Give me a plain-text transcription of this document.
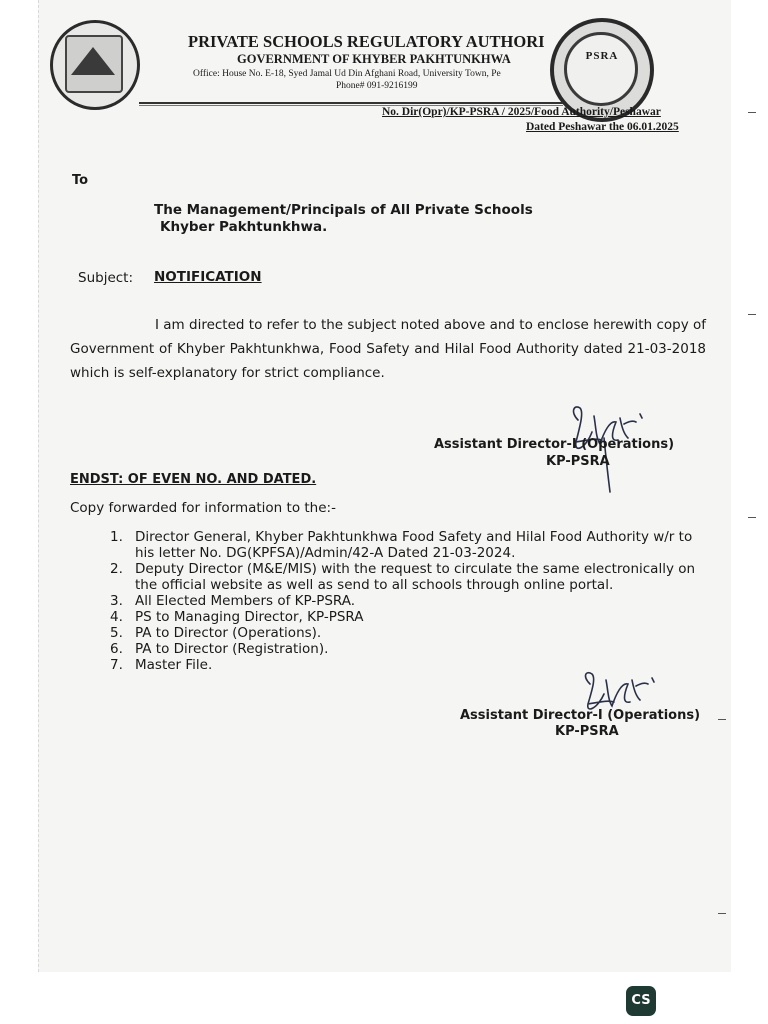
PSRA
PRIVATE SCHOOLS REGULATORY AUTHORI
GOVERNMENT OF KHYBER PAKHTUNKHWA
Office: House No. E-18, Syed Jamal Ud Din Afghani Road, University Town, Pe
Phone# 091-9216199
No. Dir(Opr)/KP-PSRA / 2025/Food Authority/Peshawar
Dated Peshawar the 06.01.2025
To
The Management/Principals of All Private Schools
Khyber Pakhtunkhwa.
Subject: NOTIFICATION
I am directed to refer to the subject noted above and to enclose herewith copy of Government of Khyber Pakhtunkhwa, Food Safety and Hilal Food Authority dated 21-03-2018 which is self-explanatory for strict compliance.
Assistant Director-I (Operations)
KP-PSRA
ENDST: OF EVEN NO. AND DATED.
Copy forwarded for information to the:-
1. Director General, Khyber Pakhtunkhwa Food Safety and Hilal Food Authority w/r to his letter No. DG(KPFSA)/Admin/42-A Dated 21-03-2024.
2. Deputy Director (M&E/MIS) with the request to circulate the same electronically on the official website as well as send to all schools through online portal.
3. All Elected Members of KP-PSRA.
4. PS to Managing Director, KP-PSRA
5. PA to Director (Operations).
6. PA to Director (Registration).
7. Master File.
Assistant Director-I (Operations)
KP-PSRA
CS
